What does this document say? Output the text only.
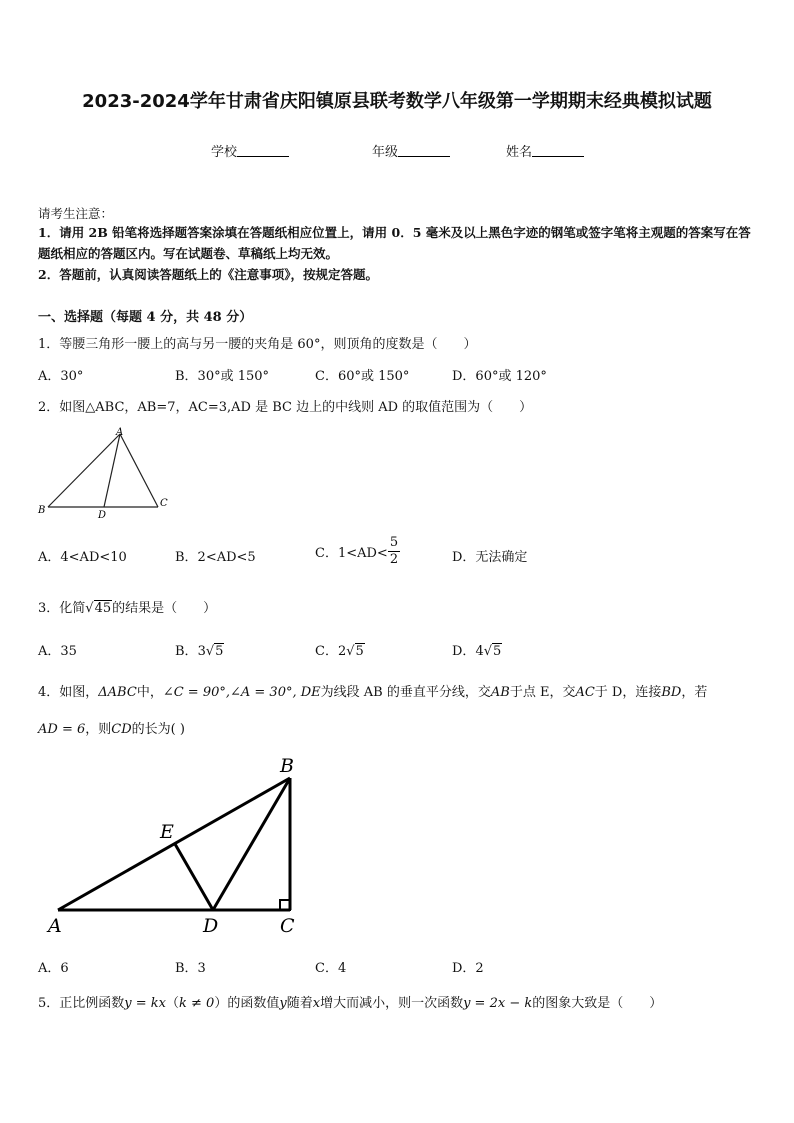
2023-2024学年甘肃省庆阳镇原县联考数学八年级第一学期期末经典模拟试题
学校	年级	姓名
请考生注意：
1．请用 2B 铅笔将选择题答案涂填在答题纸相应位置上，请用 0．5 毫米及以上黑色字迹的钢笔或签字笔将主观题的答案写在答题纸相应的答题区内。写在试题卷、草稿纸上均无效。
2．答题前，认真阅读答题纸上的《注意事项》，按规定答题。
一、选择题（每题 4 分，共 48 分）
1．等腰三角形一腰上的高与另一腰的夹角是 60°，则顶角的度数是（　　）
A．30°	B．30°或 150°	C．60°或 150°	D．60°或 120°
2．如图△ABC，AB=7，AC=3,AD 是 BC 边上的中线则 AD 的取值范围为（　　）
A
B
C
D
A．4<AD<10	B．2<AD<5	C．$1<AD< \frac{5}{2}$	D．无法确定
3．化简√45的结果是（　　）
A．35	B．3√5	C．2√5	D．4√5
4．如图，ΔABC中，∠C = 90°,∠A = 30°, DE为线段 AB 的垂直平分线，交AB于点 E，交AC于 D，连接BD，若
AD = 6，则CD的长为( )
B
E
A	D	C
A．6	B．3	C．4	D．2
5．正比例函数y = kx（k ≠ 0）的函数值y随着x增大而减小，则一次函数y = 2x − k的图象大致是（　　）
